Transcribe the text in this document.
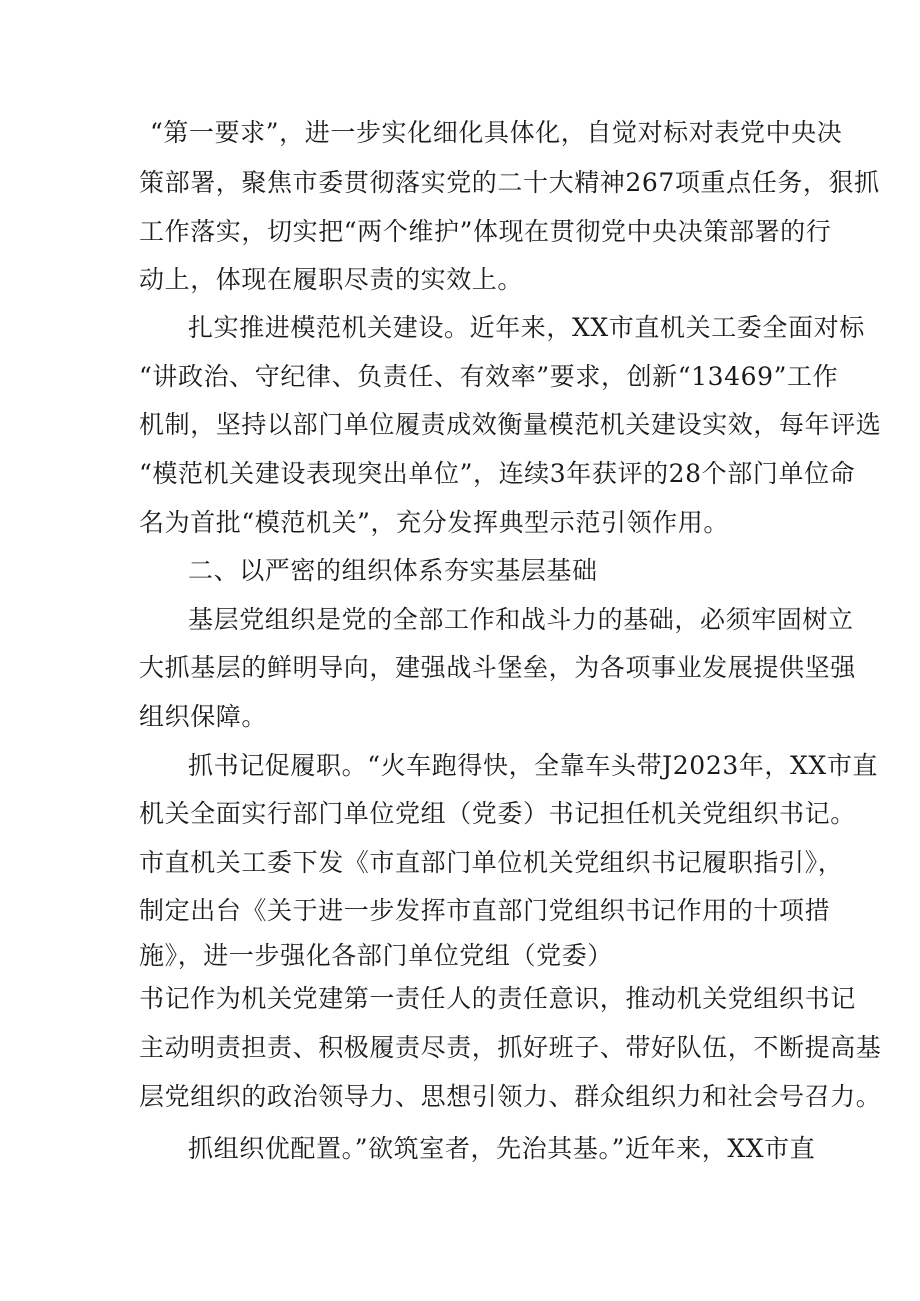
“第一要求”，进一步实化细化具体化，自觉对标对表党中央决
策部署，聚焦市委贯彻落实党的二十大精神267项重点任务，狠抓
工作落实，切实把“两个维护”体现在贯彻党中央决策部署的行
动上，体现在履职尽责的实效上。
扎实推进模范机关建设。近年来，XX市直机关工委全面对标
“讲政治、守纪律、负责任、有效率”要求，创新“13469”工作
机制，坚持以部门单位履责成效衡量模范机关建设实效，每年评选
“模范机关建设表现突出单位”，连续3年获评的28个部门单位命
名为首批“模范机关”，充分发挥典型示范引领作用。
二、以严密的组织体系夯实基层基础
基层党组织是党的全部工作和战斗力的基础，必须牢固树立
大抓基层的鲜明导向，建强战斗堡垒，为各项事业发展提供坚强
组织保障。
抓书记促履职。“火车跑得快，全靠车头带J2023年，XX市直
机关全面实行部门单位党组（党委）书记担任机关党组织书记。
市直机关工委下发《市直部门单位机关党组织书记履职指引》，
制定出台《关于进一步发挥市直部门党组织书记作用的十项措
施》，进一步强化各部门单位党组（党委）
书记作为机关党建第一责任人的责任意识，推动机关党组织书记
主动明责担责、积极履责尽责，抓好班子、带好队伍，不断提高基
层党组织的政治领导力、思想引领力、群众组织力和社会号召力。
抓组织优配置。”欲筑室者，先治其基。”近年来，XX市直
